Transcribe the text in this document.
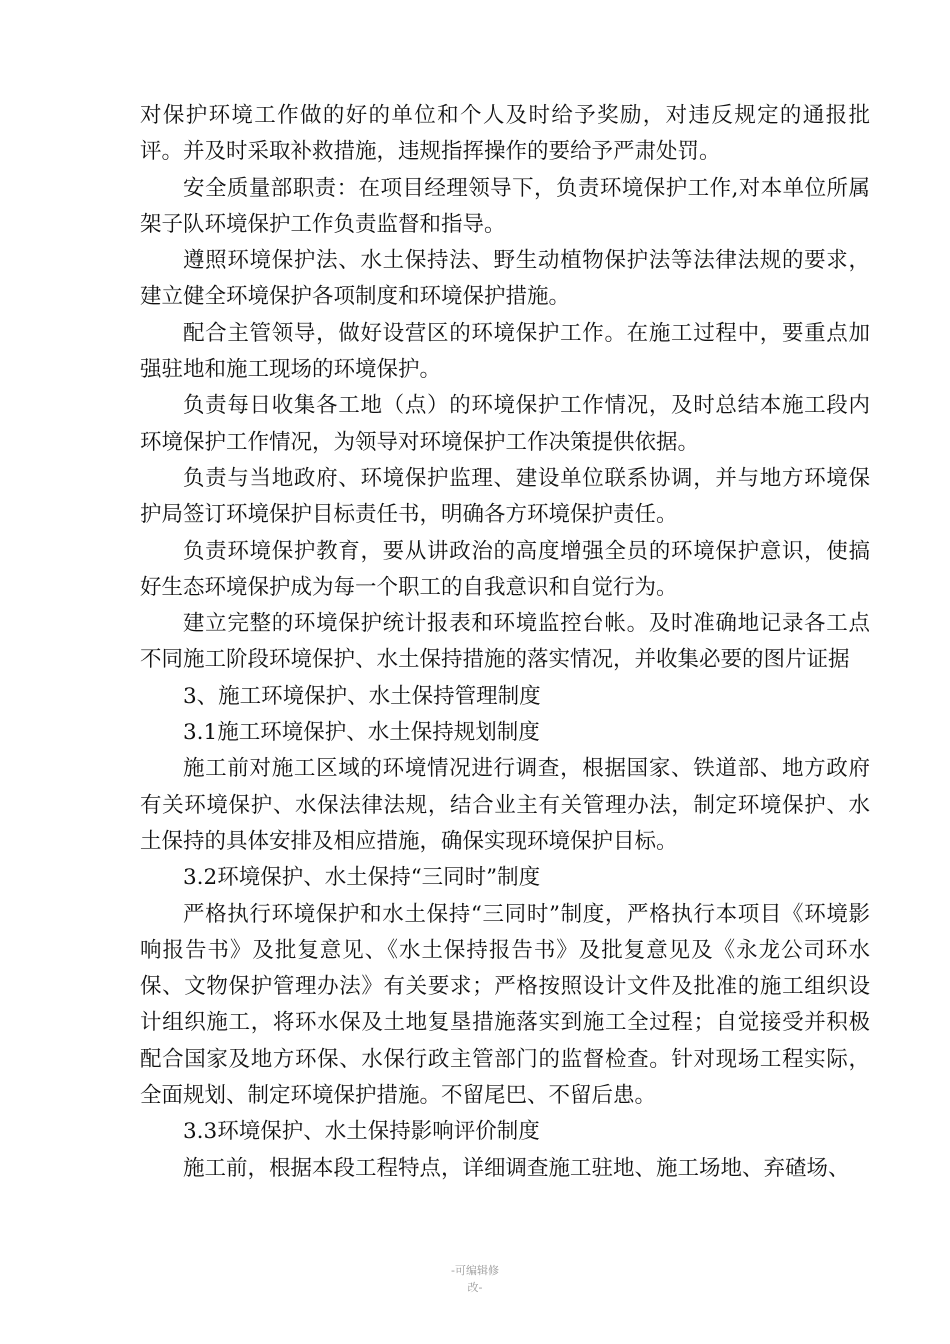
对保护环境工作做的好的单位和个人及时给予奖励，对违反规定的通报批评。并及时采取补救措施，违规指挥操作的要给予严肃处罚。

安全质量部职责：在项目经理领导下，负责环境保护工作,对本单位所属架子队环境保护工作负责监督和指导。

遵照环境保护法、水土保持法、野生动植物保护法等法律法规的要求，建立健全环境保护各项制度和环境保护措施。

配合主管领导，做好设营区的环境保护工作。在施工过程中，要重点加强驻地和施工现场的环境保护。

负责每日收集各工地（点）的环境保护工作情况，及时总结本施工段内环境保护工作情况，为领导对环境保护工作决策提供依据。

负责与当地政府、环境保护监理、建设单位联系协调，并与地方环境保护局签订环境保护目标责任书，明确各方环境保护责任。

负责环境保护教育，要从讲政治的高度增强全员的环境保护意识，使搞好生态环境保护成为每一个职工的自我意识和自觉行为。

建立完整的环境保护统计报表和环境监控台帐。及时准确地记录各工点不同施工阶段环境保护、水土保持措施的落实情况，并收集必要的图片证据

3、施工环境保护、水土保持管理制度

3.1施工环境保护、水土保持规划制度

施工前对施工区域的环境情况进行调查，根据国家、铁道部、地方政府有关环境保护、水保法律法规，结合业主有关管理办法，制定环境保护、水土保持的具体安排及相应措施，确保实现环境保护目标。

3.2环境保护、水土保持“三同时”制度

严格执行环境保护和水土保持“三同时”制度，严格执行本项目《环境影响报告书》及批复意见、《水土保持报告书》及批复意见及《永龙公司环水保、文物保护管理办法》有关要求；严格按照设计文件及批准的施工组织设计组织施工，将环水保及土地复垦措施落实到施工全过程；自觉接受并积极配合国家及地方环保、水保行政主管部门的监督检查。针对现场工程实际，全面规划、制定环境保护措施。不留尾巴、不留后患。

3.3环境保护、水土保持影响评价制度

施工前，根据本段工程特点，详细调查施工驻地、施工场地、弃碴场、

-可编辑修
改-
